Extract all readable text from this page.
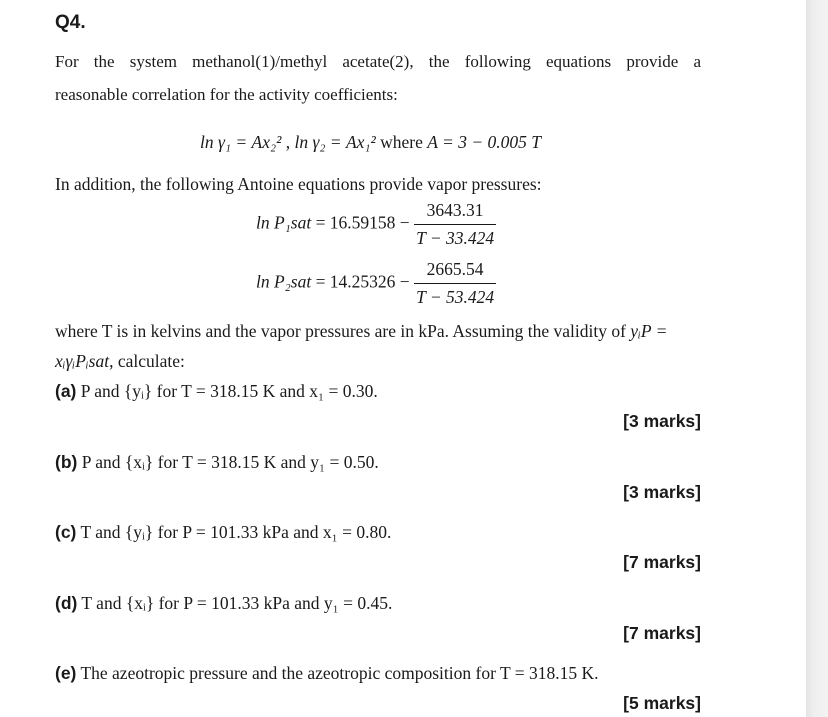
Q4.
For the system methanol(1)/methyl acetate(2), the following equations provide a
reasonable correlation for the activity coefficients:
ln γ₁ = Ax₂² , ln γ₂ = Ax₁² where A = 3 − 0.005 T
In addition, the following Antoine equations provide vapor pressures:
$\ln P_1sat = 16.59158 - \frac{3643.31}{T - 33.424}$
$\ln P_2sat = 14.25326 - \frac{2665.54}{T - 53.424}$
where T is in kelvins and the vapor pressures are in kPa. Assuming the validity of yᵢP =
xᵢγᵢPᵢsat, calculate:
(a) P and {yᵢ} for T = 318.15 K and x₁ = 0.30.
[3 marks]
(b) P and {xᵢ} for T = 318.15 K and y₁ = 0.50.
[3 marks]
(c) T and {yᵢ} for P = 101.33 kPa and x₁ = 0.80.
[7 marks]
(d) T and {xᵢ} for P = 101.33 kPa and y₁ = 0.45.
[7 marks]
(e) The azeotropic pressure and the azeotropic composition for T = 318.15 K.
[5 marks]
